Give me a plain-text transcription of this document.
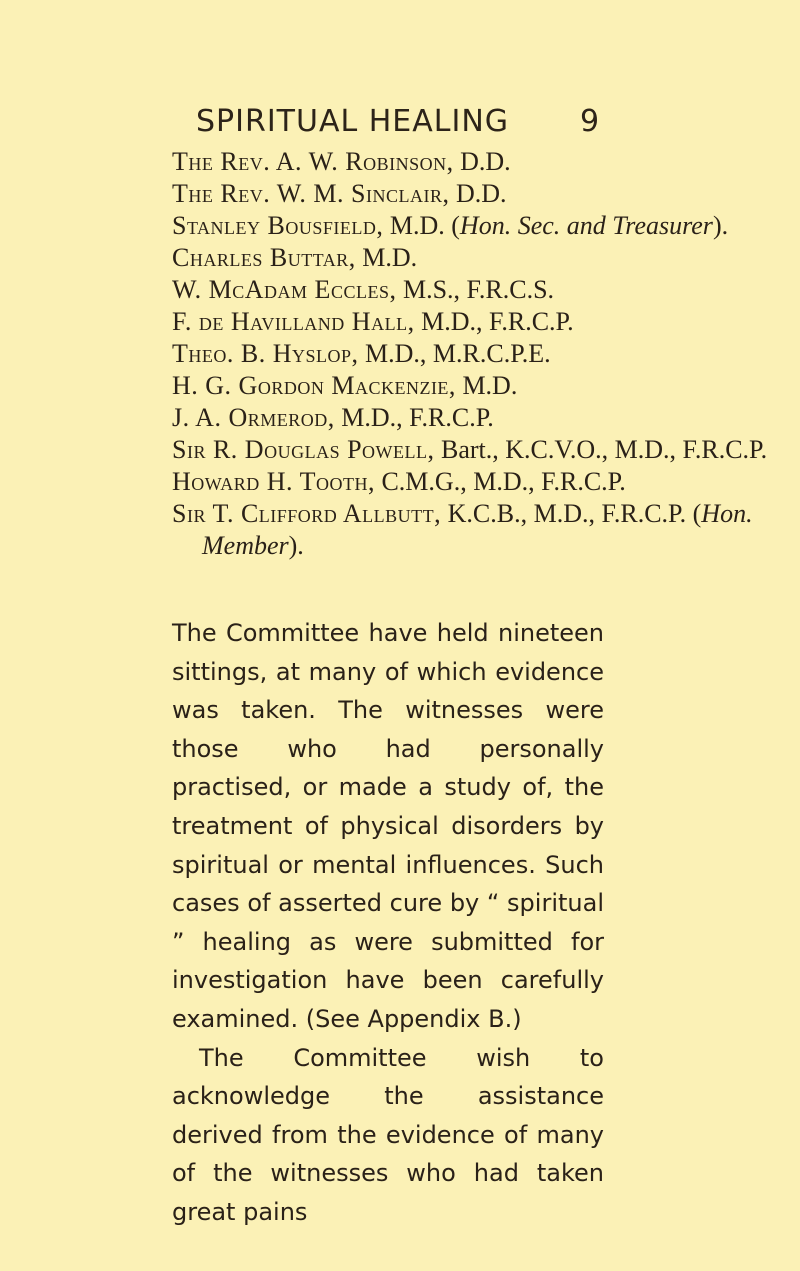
SPIRITUAL HEALING 9
The Rev. A. W. Robinson, D.D.
The Rev. W. M. Sinclair, D.D.
Stanley Bousfield, M.D. (Hon. Sec. and Treasurer).
Charles Buttar, M.D.
W. McAdam Eccles, M.S., F.R.C.S.
F. de Havilland Hall, M.D., F.R.C.P.
Theo. B. Hyslop, M.D., M.R.C.P.E.
H. G. Gordon Mackenzie, M.D.
J. A. Ormerod, M.D., F.R.C.P.
Sir R. Douglas Powell, Bart., K.C.V.O., M.D., F.R.C.P.
Howard H. Tooth, C.M.G., M.D., F.R.C.P.
Sir T. Clifford Allbutt, K.C.B., M.D., F.R.C.P. (Hon. Member).

The Committee have held nineteen sittings, at many of which evidence was taken. The witnesses were those who had personally practised, or made a study of, the treatment of physical disorders by spiritual or mental influences. Such cases of asserted cure by “ spiritual ” healing as were submitted for investigation have been carefully examined. (See Appendix B.)

The Committee wish to acknowledge the assistance derived from the evidence of many of the witnesses who had taken great pains
